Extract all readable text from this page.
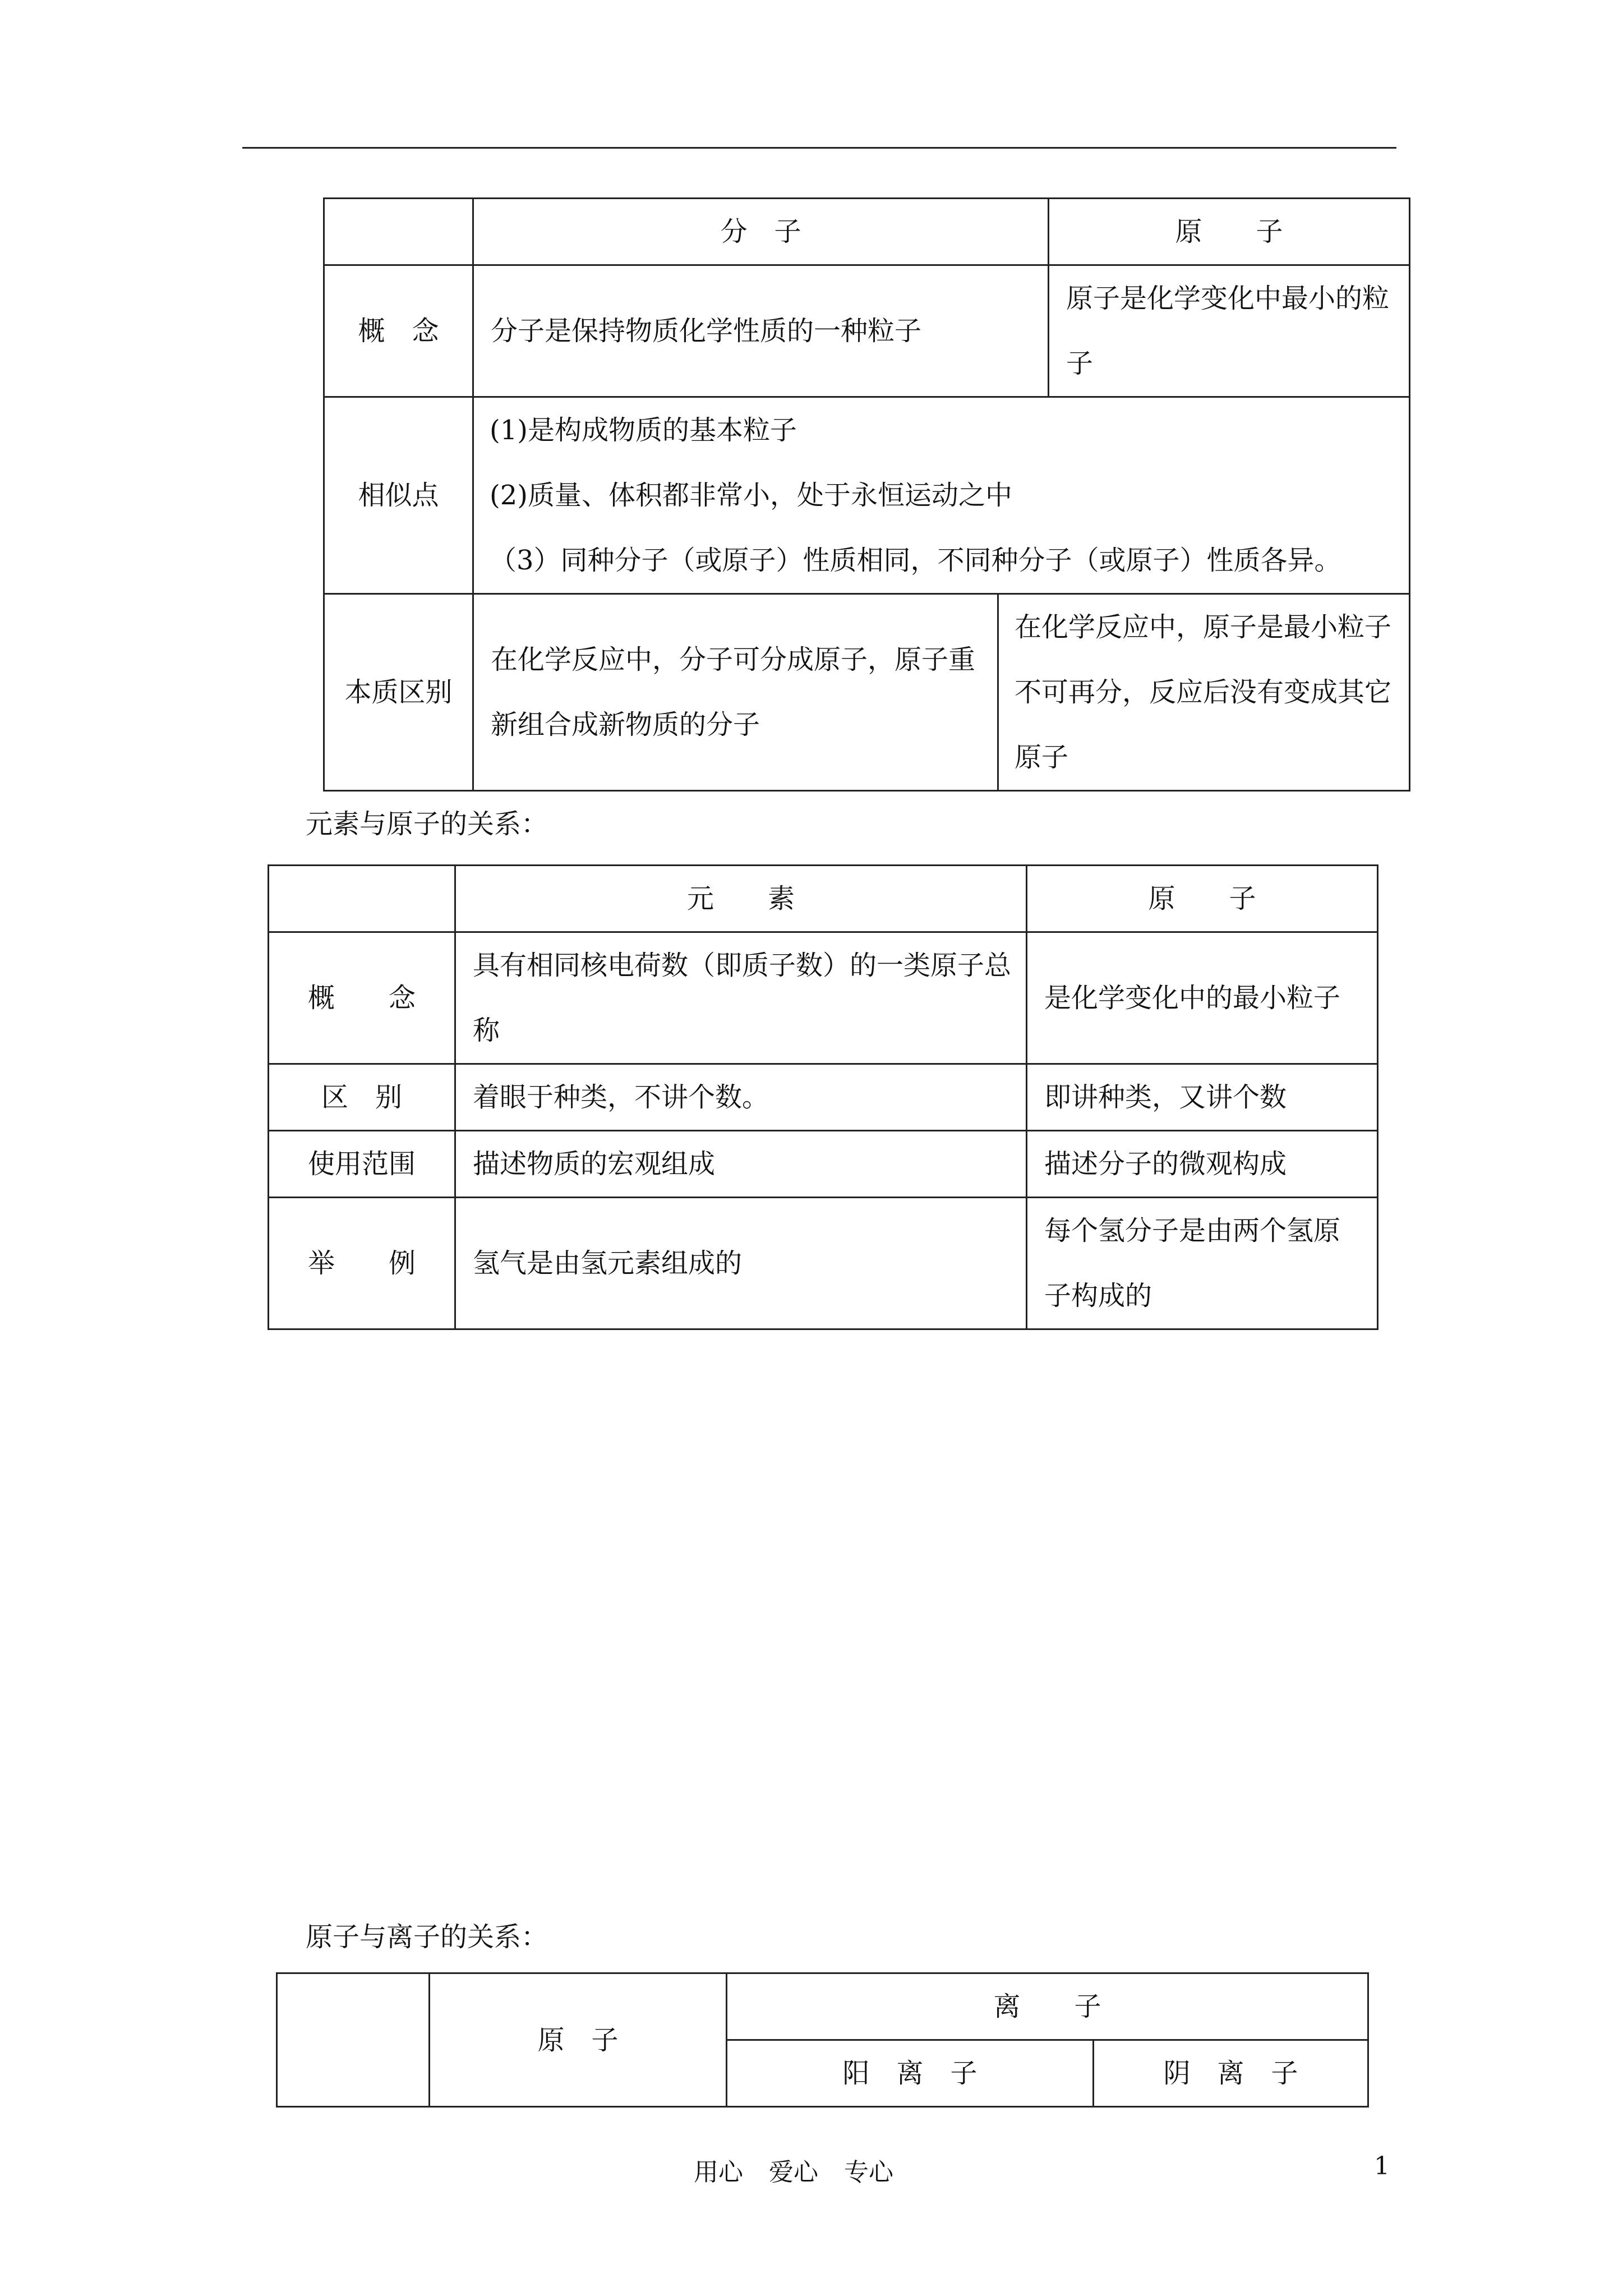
	分　子		原　　子
概　念	分子是保持物质化学性质的一种粒子		原子是化学变化中最小的粒子
相似点	(1)是构成物质的基本粒子
(2)质量、体积都非常小，处于永恒运动之中
（3）同种分子（或原子）性质相同，不同种分子（或原子）性质各异。		

本质区别	在化学反应中，分子可分成原子，原子重新组合成新物质的分子	在化学反应中，原子是最小粒子不可再分，反应后没有变成其它原子	
元素与原子的关系：
	元　　素	原　　子
概　　念	具有相同核电荷数（即质子数）的一类原子总称	是化学变化中的最小粒子
区　别	着眼于种类，不讲个数。	即讲种类，又讲个数
使用范围	描述物质的宏观组成	描述分子的微观构成
举　　例	氢气是由氢元素组成的	每个氢分子是由两个氢原子构成的
原子与离子的关系：
	原　子	离　　子	
		阳　离　子	阴　离　子
用心 爱心 专心	1
